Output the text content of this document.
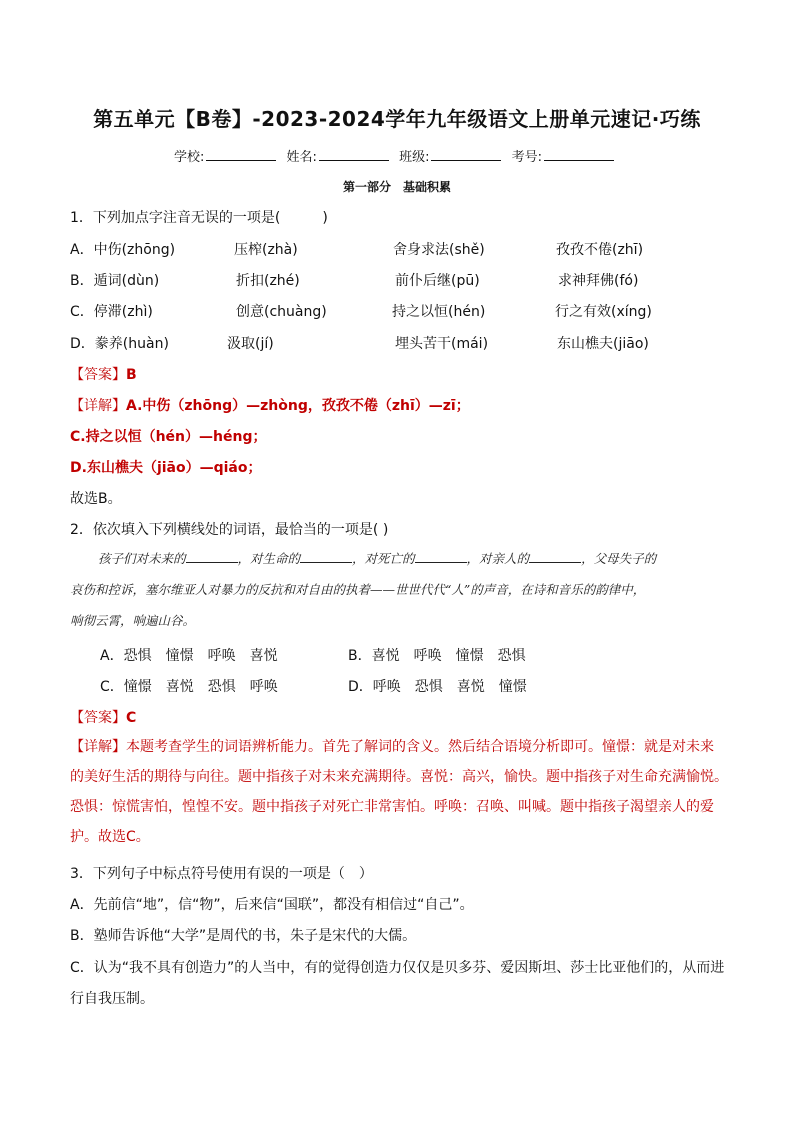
第五单元【B卷】-2023-2024学年九年级语文上册单元速记·巧练
学校:	姓名:	班级:	考号:
第一部分　基础积累
1．下列加点字注音无误的一项是(　　　)
A．中伤(zhōng)	压榨(zhà)	舍身求法(shě)	孜孜不倦(zhī)
B．遁词(dùn)	折扣(zhé)	前仆后继(pū)	求神拜佛(fó)
C．停滞(zhì)	创意(chuàng)	持之以恒(hén)	行之有效(xíng)
D．豢养(huàn)	汲取(jí)	埋头苦干(mái)	东山樵夫(jiāo)
【答案】B
【详解】A.中伤（zhōng）—zhòng，孜孜不倦（zhī）—zī；
C.持之以恒（hén）—héng；
D.东山樵夫（jiāo）—qiáo；
故选B。
2．依次填入下列横线处的词语，最恰当的一项是( )
孩子们对未来的	，对生命的	，对死亡的	，对亲人的	，父母失子的
哀伤和控诉，塞尔维亚人对暴力的反抗和对自由的执着——世世代代“人”的声音，在诗和音乐的韵律中，
响彻云霄，响遍山谷。
A．恐惧　憧憬　呼唤　喜悦	B．喜悦　呼唤　憧憬　恐惧
C．憧憬　喜悦　恐惧　呼唤	D．呼唤　恐惧　喜悦　憧憬
【答案】C
【详解】本题考查学生的词语辨析能力。首先了解词的含义。然后结合语境分析即可。憧憬：就是对未来
的美好生活的期待与向往。题中指孩子对未来充满期待。喜悦：高兴，愉快。题中指孩子对生命充满愉悦。
恐惧：惊慌害怕，惶惶不安。题中指孩子对死亡非常害怕。呼唤：召唤、叫喊。题中指孩子渴望亲人的爱
护。故选C。
3．下列句子中标点符号使用有误的一项是（　）
A．先前信“地”，信“物”，后来信“国联”，都没有相信过“自己”。
B．塾师告诉他“大学”是周代的书，朱子是宋代的大儒。
C．认为“我不具有创造力”的人当中，有的觉得创造力仅仅是贝多芬、爱因斯坦、莎士比亚他们的，从而进
行自我压制。
